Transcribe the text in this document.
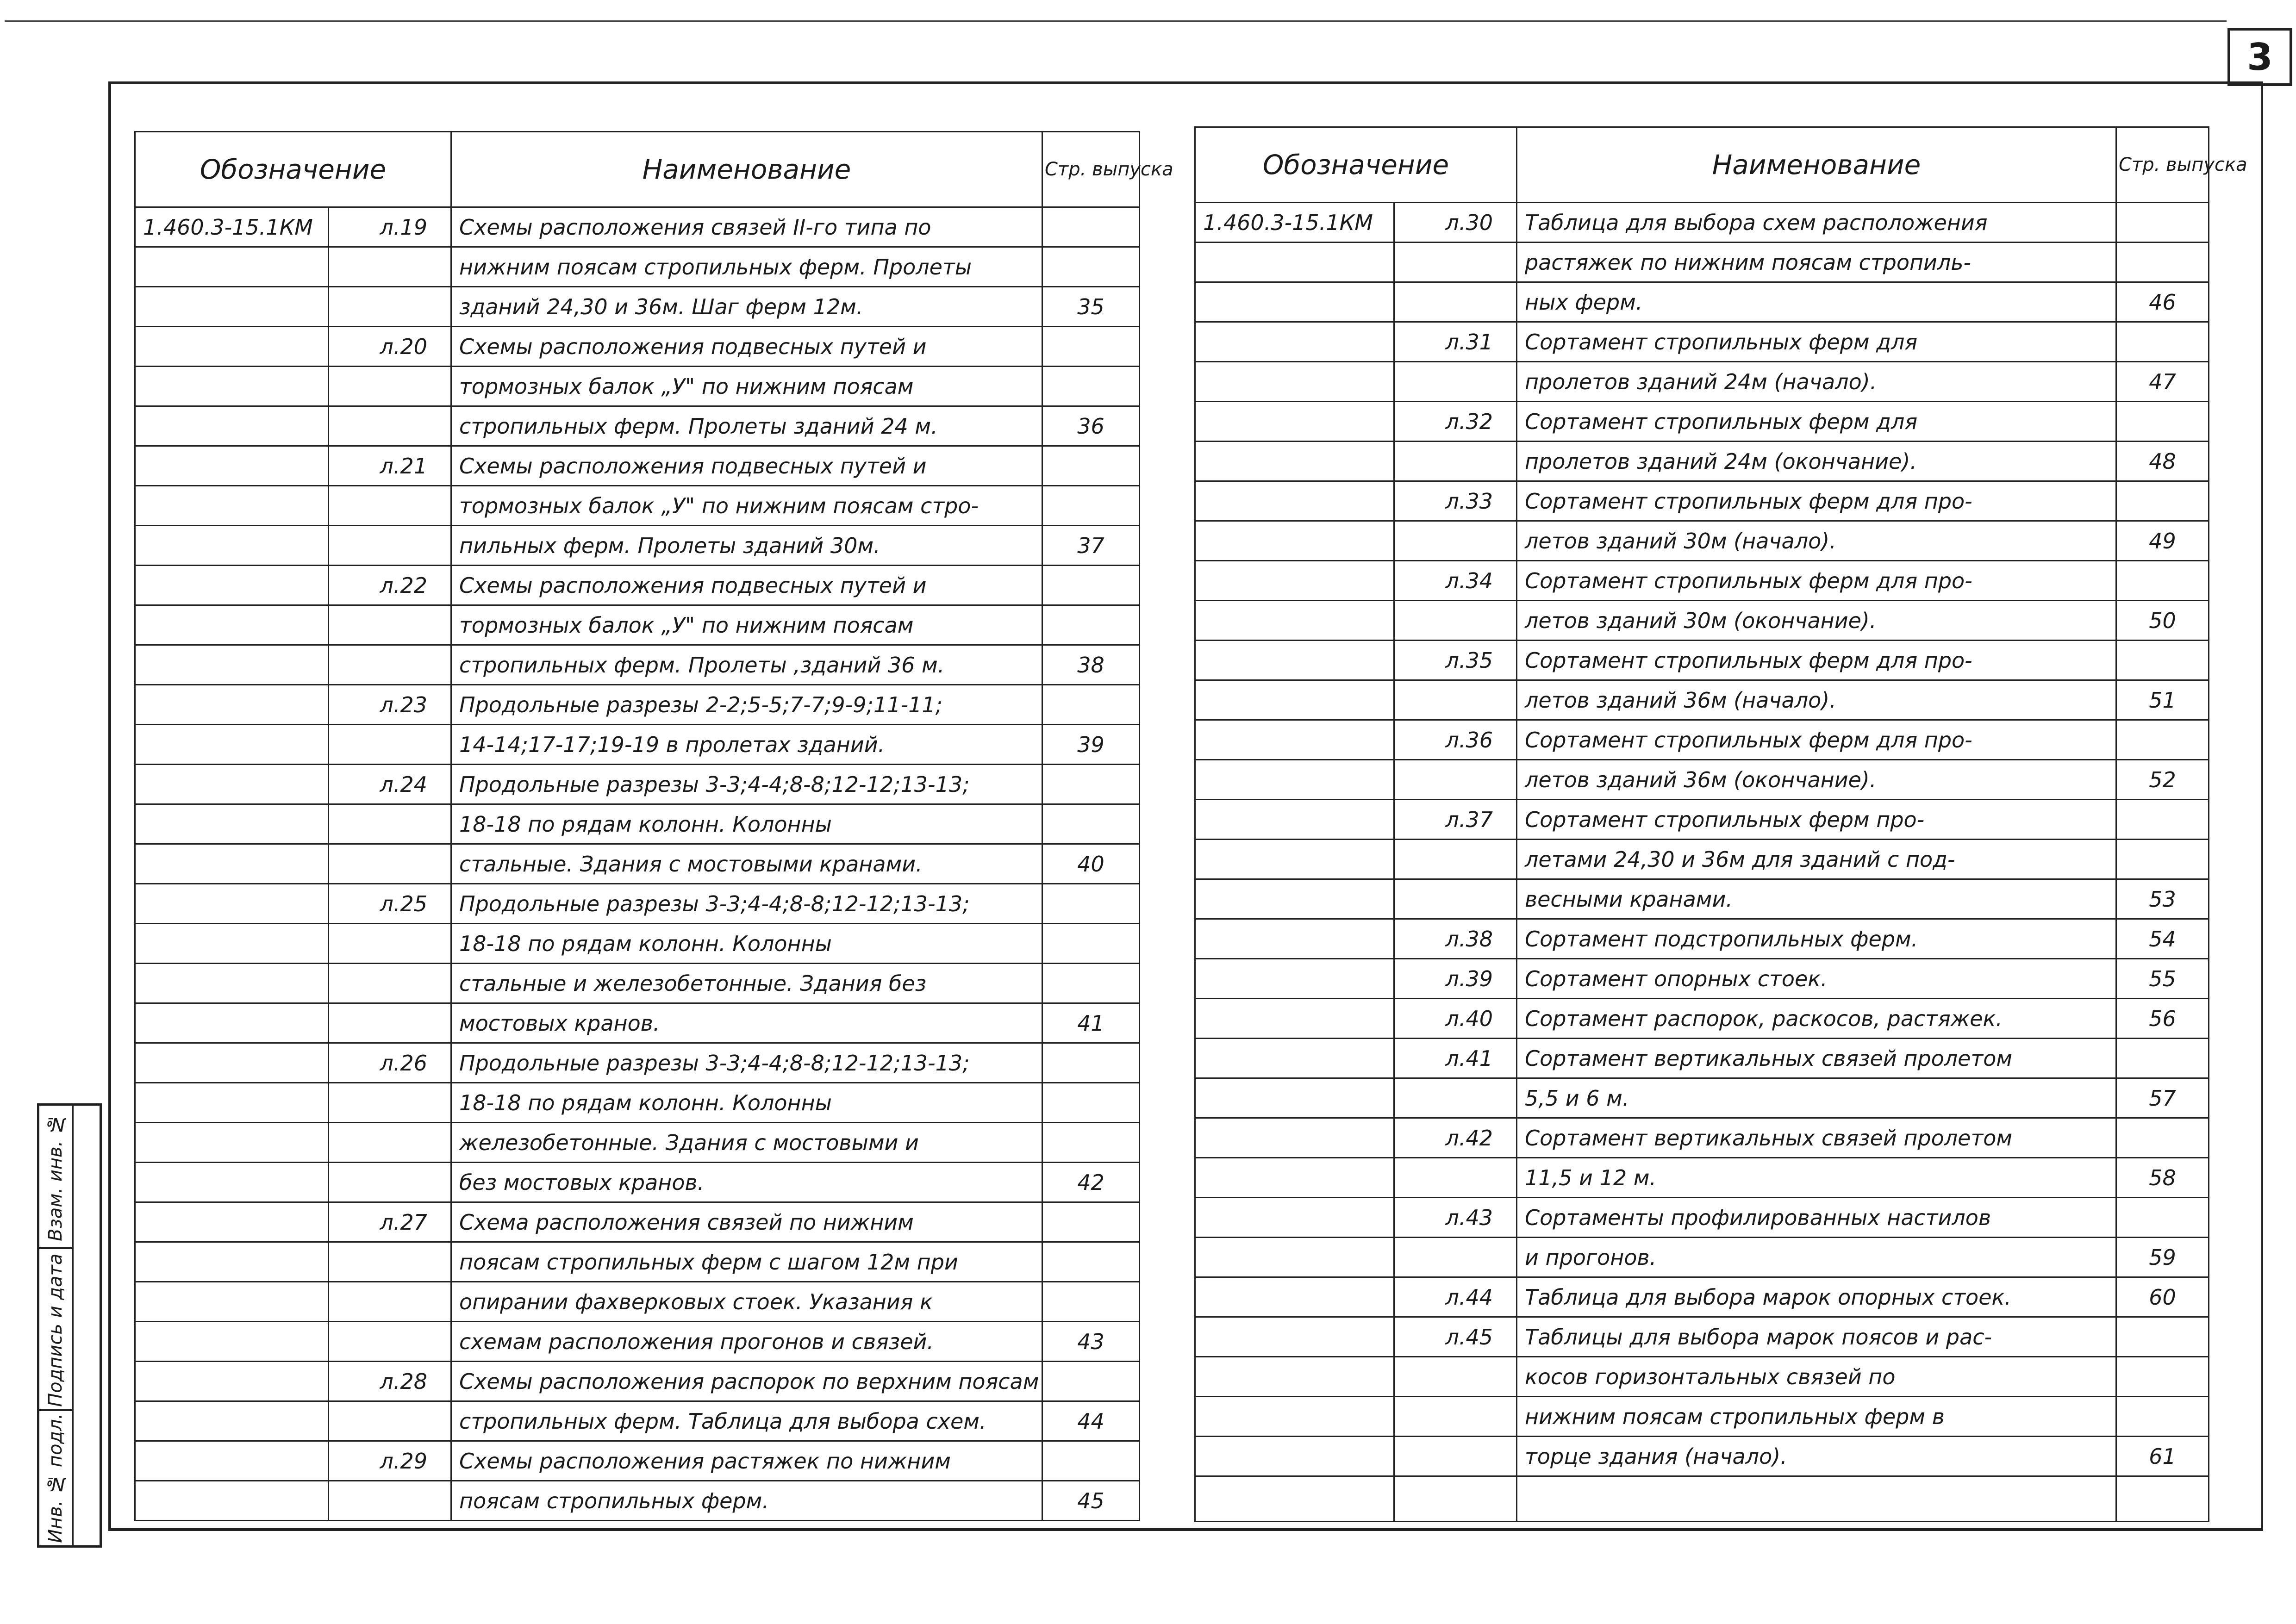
3
Взам. инв. №
Подпись и дата
Инв. № подл.
Обозначение		Наименование	Стр. выпуска
1.460.3-15.1КМ	л.19	Схемы расположения связей II-го типа по	
		нижним поясам стропильных ферм. Пролеты	
		зданий 24,30 и 36м. Шаг ферм 12м.	35
	л.20	Схемы расположения подвесных путей и	
		тормозных балок „У" по нижним поясам	
		стропильных ферм. Пролеты зданий 24 м.	36
	л.21	Схемы расположения подвесных путей и	
		тормозных балок „У" по нижним поясам стро-	
		пильных ферм. Пролеты зданий 30м.	37
	л.22	Схемы расположения подвесных путей и	
		тормозных балок „У" по нижним поясам	
		стропильных ферм. Пролеты ,зданий 36 м.	38
	л.23	Продольные разрезы 2-2;5-5;7-7;9-9;11-11;	
		14-14;17-17;19-19 в пролетах зданий.	39
	л.24	Продольные разрезы 3-3;4-4;8-8;12-12;13-13;	
		18-18 по рядам колонн. Колонны	
		стальные. Здания с мостовыми кранами.	40
	л.25	Продольные разрезы 3-3;4-4;8-8;12-12;13-13;	
		18-18 по рядам колонн. Колонны	
		стальные и железобетонные. Здания без	
		мостовых кранов.	41
	л.26	Продольные разрезы 3-3;4-4;8-8;12-12;13-13;	
		18-18 по рядам колонн. Колонны	
		железобетонные. Здания с мостовыми и	
		без мостовых кранов.	42
	л.27	Схема расположения связей по нижним	
		поясам стропильных ферм с шагом 12м при	
		опирании фахверковых стоек. Указания к	
		схемам расположения прогонов и связей.	43
	л.28	Схемы расположения распорок по верхним поясам	
		стропильных ферм. Таблица для выбора схем.	44
	л.29	Схемы расположения растяжек по нижним	
		поясам стропильных ферм.	45
Обозначение		Наименование	Стр. выпуска
1.460.3-15.1КМ	л.30	Таблица для выбора схем расположения	
		растяжек по нижним поясам стропиль-	
		ных ферм.	46
	л.31	Сортамент стропильных ферм для	
		пролетов зданий 24м (начало).	47
	л.32	Сортамент стропильных ферм для	
		пролетов зданий 24м (окончание).	48
	л.33	Сортамент стропильных ферм для про-	
		летов зданий 30м (начало).	49
	л.34	Сортамент стропильных ферм для про-	
		летов зданий 30м (окончание).	50
	л.35	Сортамент стропильных ферм для про-	
		летов зданий 36м (начало).	51
	л.36	Сортамент стропильных ферм для про-	
		летов зданий 36м (окончание).	52
	л.37	Сортамент стропильных ферм про-	
		летами 24,30 и 36м для зданий с под-	
		весными кранами.	53
	л.38	Сортамент подстропильных ферм.	54
	л.39	Сортамент опорных стоек.	55
	л.40	Сортамент распорок, раскосов, растяжек.	56
	л.41	Сортамент вертикальных связей пролетом	
		5,5 и 6 м.	57
	л.42	Сортамент вертикальных связей пролетом	
		11,5 и 12 м.	58
	л.43	Сортаменты профилированных настилов	
		и прогонов.	59
	л.44	Таблица для выбора марок опорных стоек.	60
	л.45	Таблицы для выбора марок поясов и рас-	
		косов горизонтальных связей по	
		нижним поясам стропильных ферм в	
		торце здания (начало).	61
